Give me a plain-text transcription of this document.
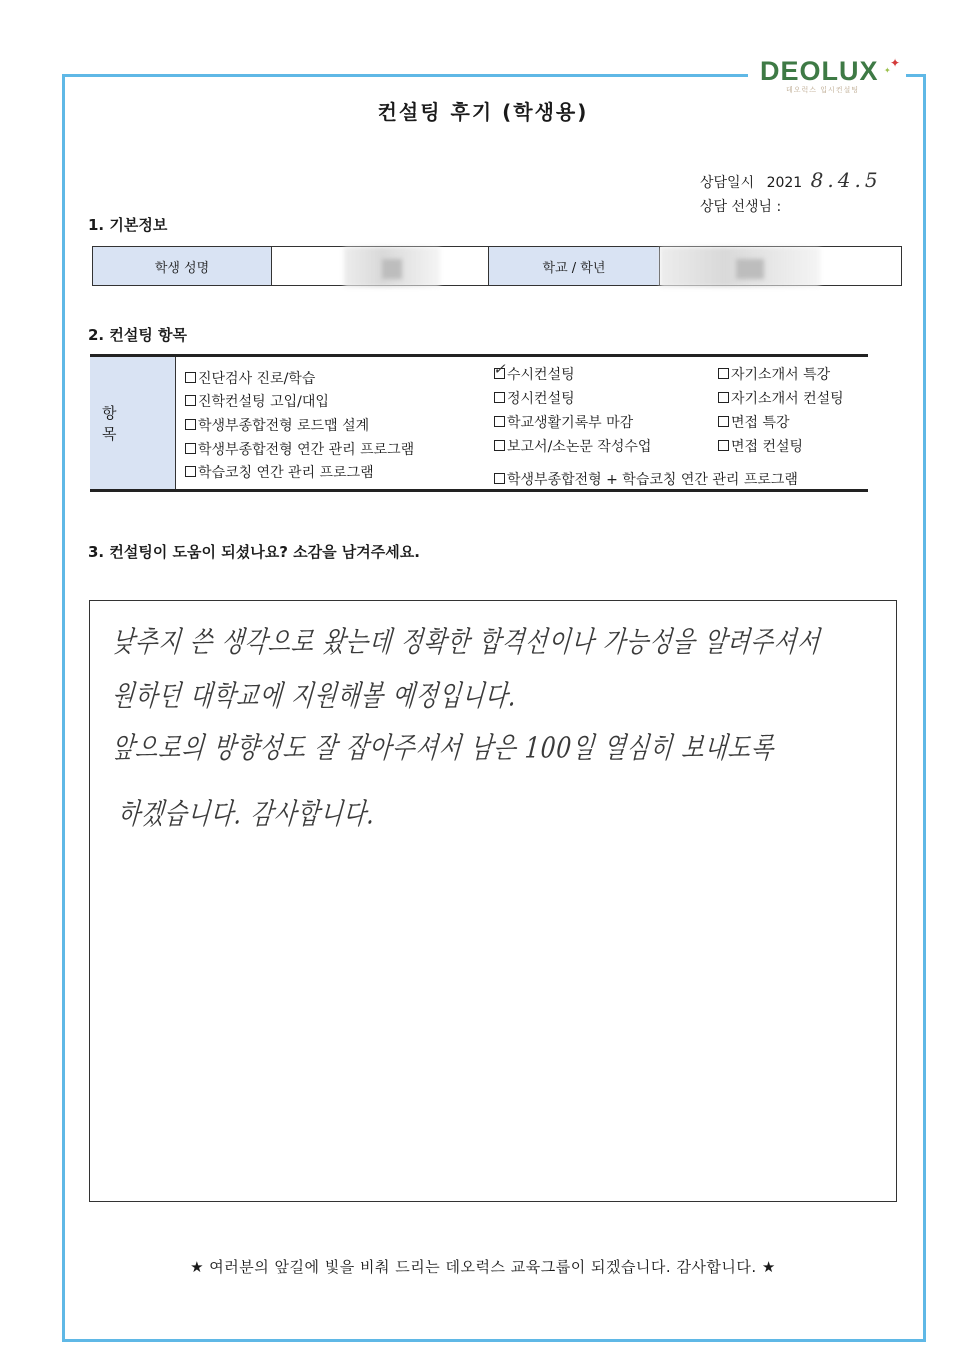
DEOLUX ✦
✦
데오럭스 입시컨설팅
컨설팅 후기 (학생용)
상담일시 2021 8.4.5
상담 선생님 :
1. 기본정보
학생 성명	학교 / 학년
2. 컨설팅 항목
항 목
진단검사 진로/학습
진학컨설팅 고입/대입
학생부종합전형 로드맵 설계
학생부종합전형 연간 관리 프로그램
학습코칭 연간 관리 프로그램
✓ 수시컨설팅
정시컨설팅
학교생활기록부 마감
보고서/소논문 작성수업
자기소개서 특강
자기소개서 컨설팅
면접 특강
면접 컨설팅
학생부종합전형 + 학습코칭 연간 관리 프로그램
3. 컨설팅이 도움이 되셨나요? 소감을 남겨주세요.
낮추지 쓴 생각으로 왔는데 정확한 합격선이나 가능성을 알려주셔서
원하던 대학교에 지원해볼 예정입니다.
앞으로의 방향성도 잘 잡아주셔서 남은 100일 열심히 보내도록
하겠습니다. 감사합니다.
★ 여러분의 앞길에 빛을 비춰 드리는 데오럭스 교육그룹이 되겠습니다. 감사합니다. ★
